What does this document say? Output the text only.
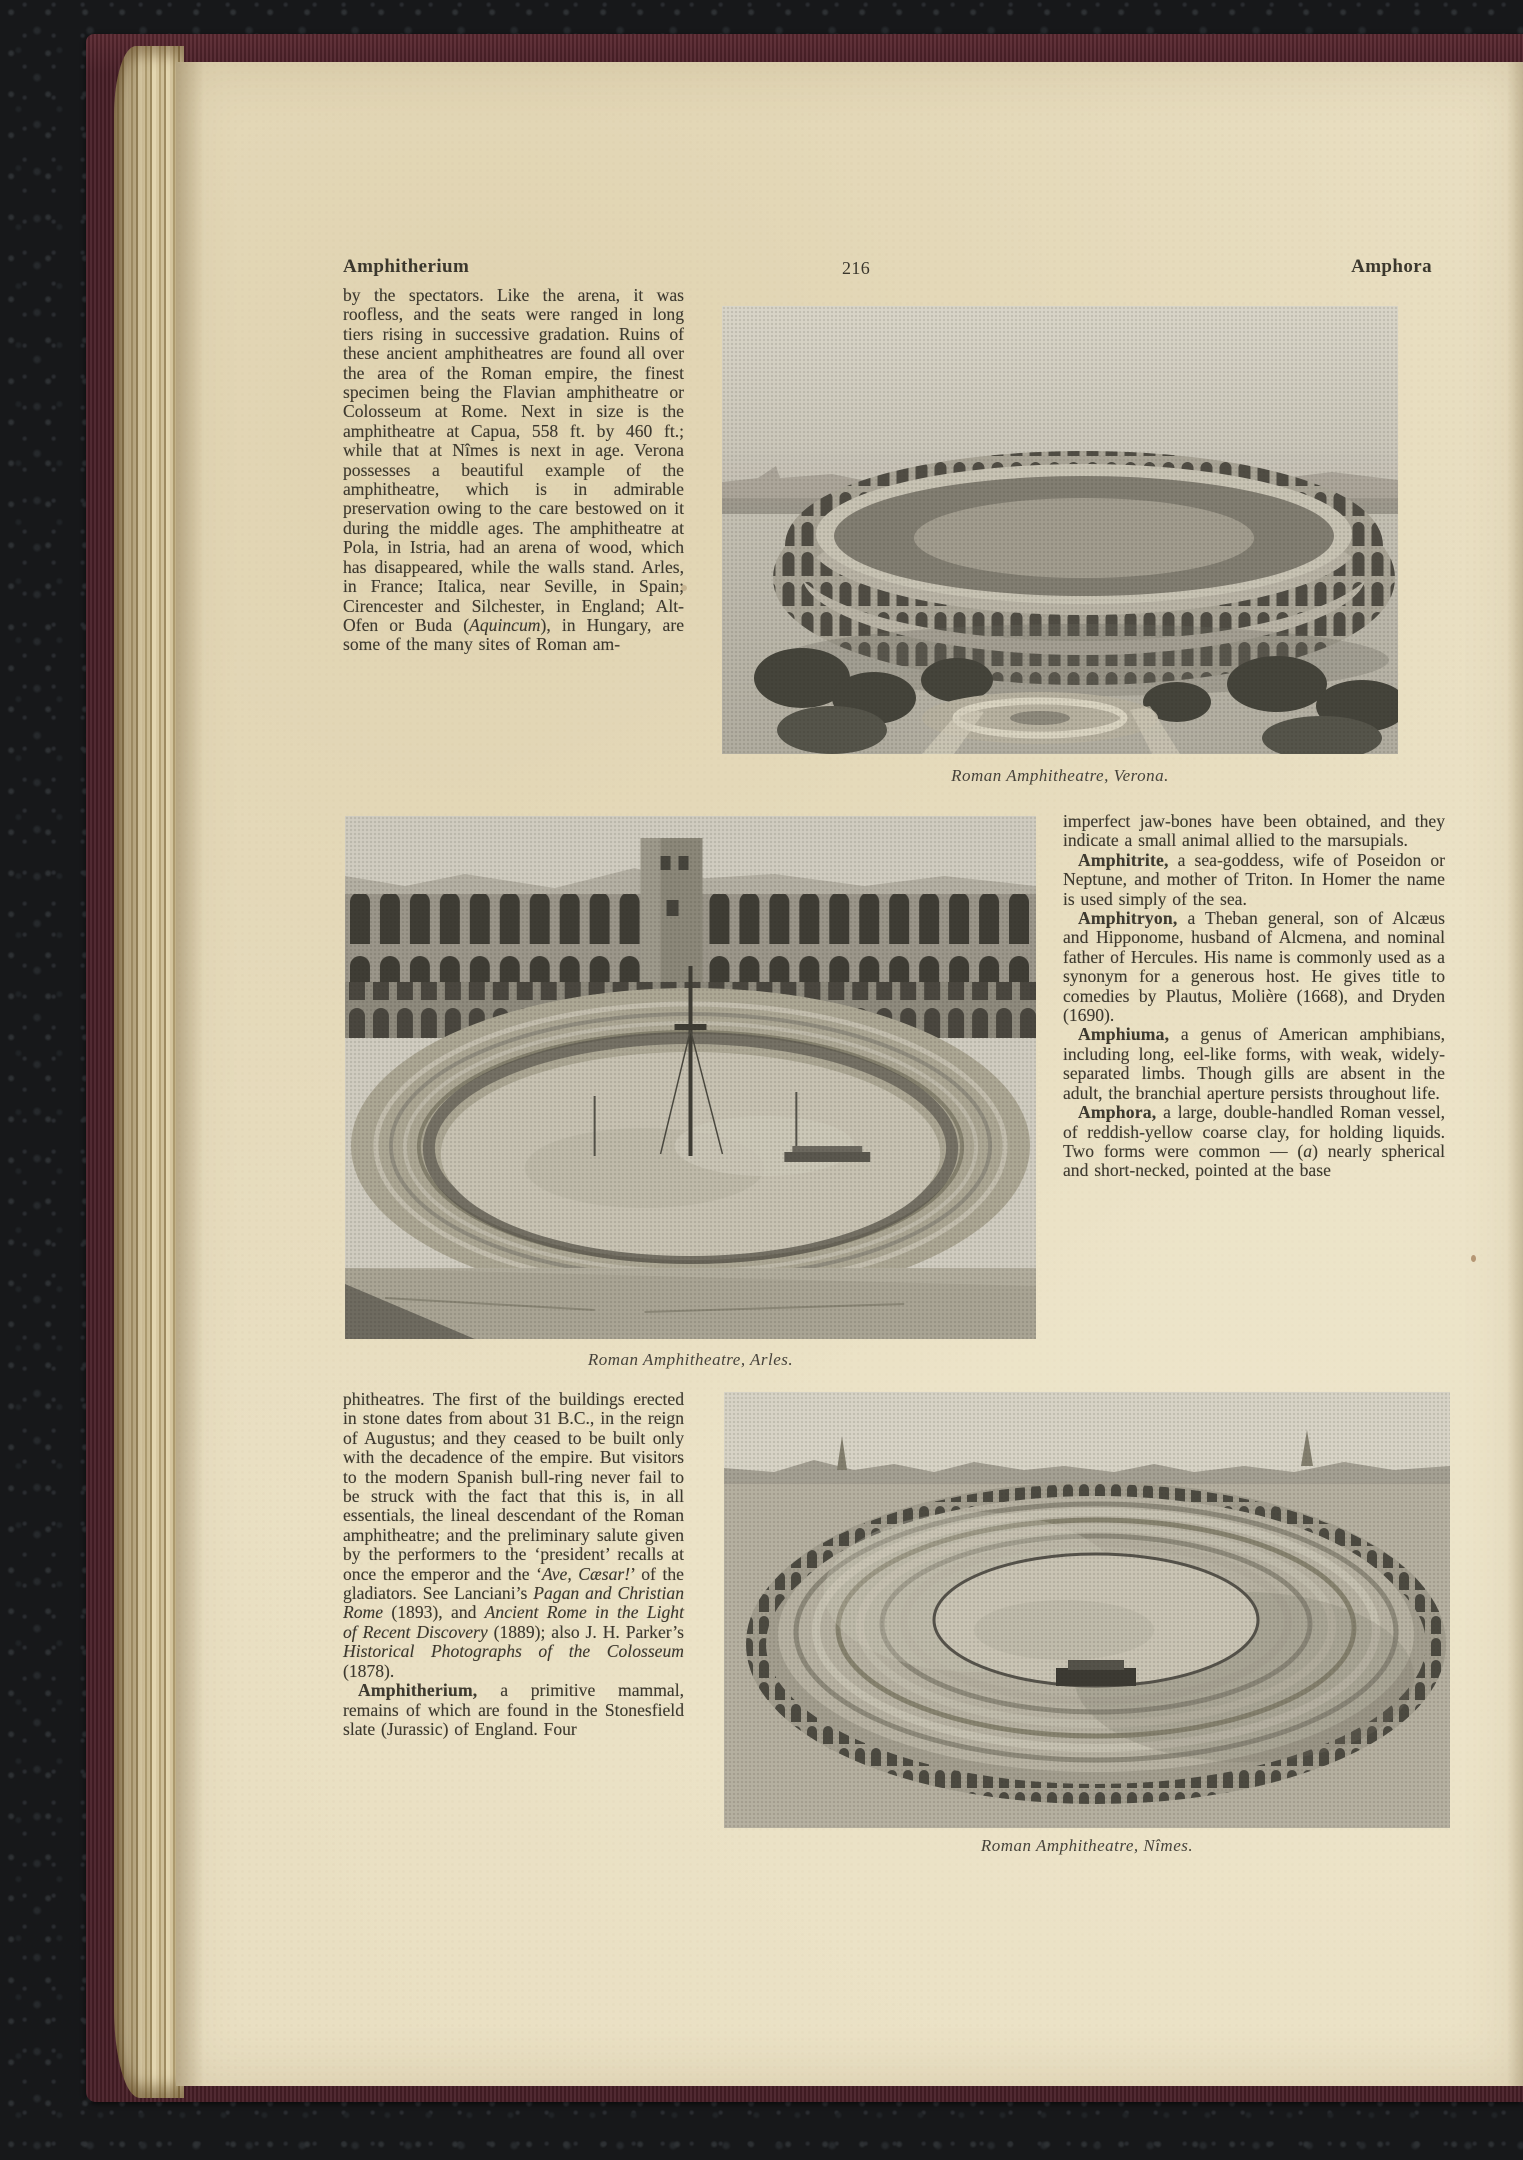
Amphitherium	216	Amphora

by the spectators. Like the arena, it was roofless, and the seats were ranged in long tiers rising in successive gradation. Ruins of these ancient amphitheatres are found all over the area of the Roman empire, the finest specimen being the Flavian amphitheatre or Colosseum at Rome. Next in size is the amphitheatre at Capua, 558 ft. by 460 ft.; while that at Nîmes is next in age. Verona possesses a beautiful example of the amphitheatre, which is in admirable preservation owing to the care bestowed on it during the middle ages. The amphitheatre at Pola, in Istria, had an arena of wood, which has disappeared, while the walls stand. Arles, in France; Italica, near Seville, in Spain; Cirencester and Silchester, in England; Alt-Ofen or Buda (Aquincum), in Hungary, are some of the many sites of Roman am-

Roman Amphitheatre, Verona.
Roman Amphitheatre, Arles.

imperfect jaw-bones have been obtained, and they indicate a small animal allied to the marsupials.

Amphitrite, a sea-goddess, wife of Poseidon or Neptune, and mother of Triton. In Homer the name is used simply of the sea.

Amphitryon, a Theban general, son of Alcæus and Hipponome, husband of Alcmena, and nominal father of Hercules. His name is commonly used as a synonym for a generous host. He gives title to comedies by Plautus, Molière (1668), and Dryden (1690).

Amphiuma, a genus of American amphibians, including long, eel-like forms, with weak, widely-separated limbs. Though gills are absent in the adult, the branchial aperture persists throughout life.

Amphora, a large, double-handled Roman vessel, of reddish-yellow coarse clay, for holding liquids. Two forms were common — (a) nearly spherical and short-necked, pointed at the base

phitheatres. The first of the buildings erected in stone dates from about 31 B.C., in the reign of Augustus; and they ceased to be built only with the decadence of the empire. But visitors to the modern Spanish bull-ring never fail to be struck with the fact that this is, in all essentials, the lineal descendant of the Roman amphitheatre; and the preliminary salute given by the performers to the ‘president’ recalls at once the emperor and the ‘Ave, Cæsar!’ of the gladiators. See Lanciani’s Pagan and Christian Rome (1893), and Ancient Rome in the Light of Recent Discovery (1889); also J. H. Parker’s Historical Photographs of the Colosseum (1878).

Amphitherium, a primitive mammal, remains of which are found in the Stonesfield slate (Jurassic) of England. Four

Roman Amphitheatre, Nîmes.
